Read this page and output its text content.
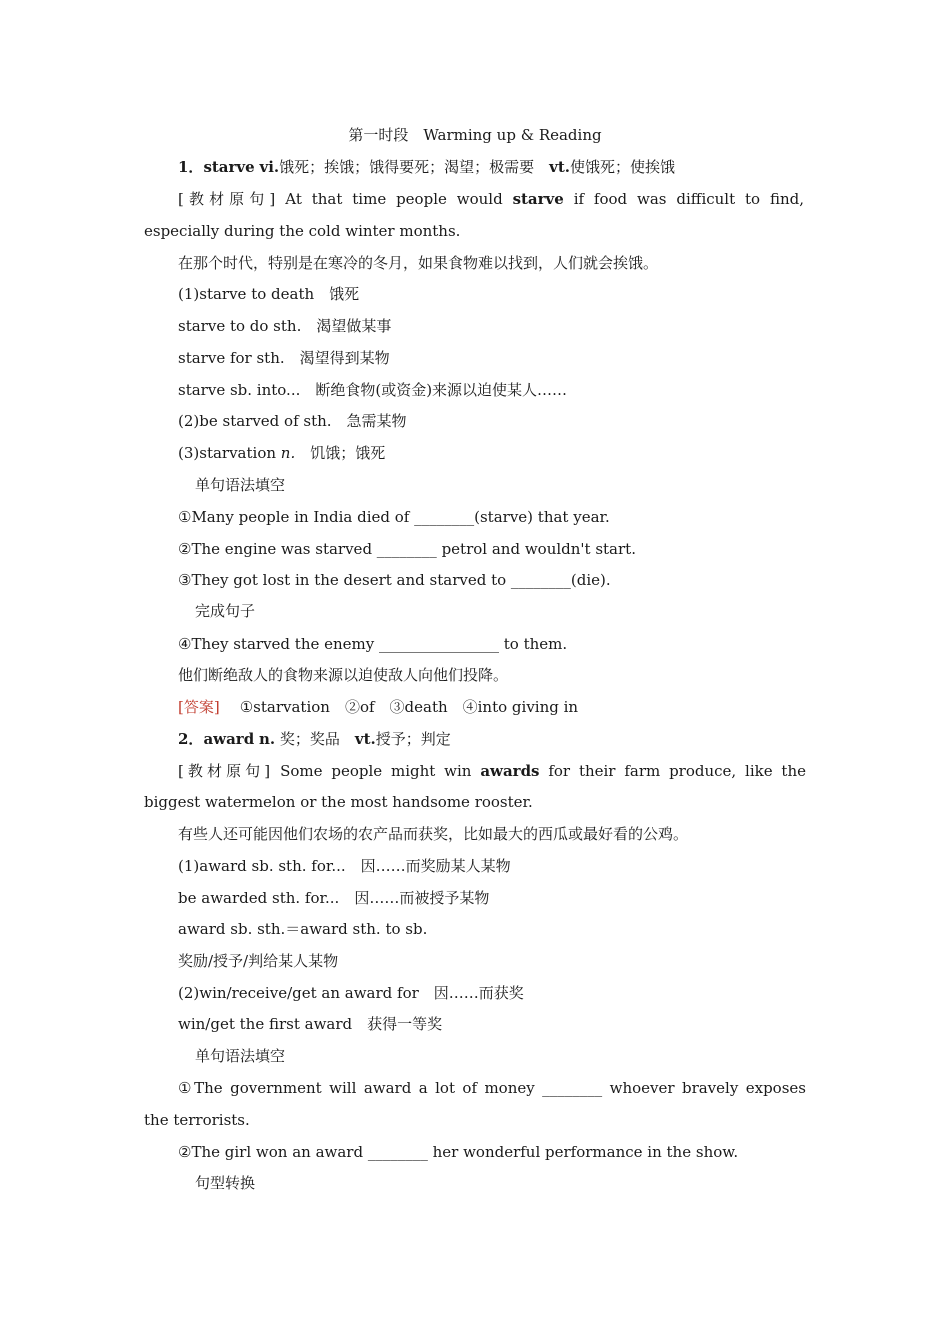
第一时段　Warming up & Reading
1．starve vi.饿死；挨饿；饿得要死；渴望；极需要　vt.使饿死；使挨饿
[教材原句] At that time people would starve if food was difficult to find,
especially during the cold winter months.
在那个时代，特别是在寒冷的冬月，如果食物难以找到，人们就会挨饿。
(1)starve to death　饿死
starve to do sth.　渴望做某事
starve for sth.　渴望得到某物
starve sb. into...　断绝食物(或资金)来源以迫使某人……
(2)be starved of sth.　急需某物
(3)starvation n.　饥饿；饿死
单句语法填空
①Many people in India died of ________(starve) that year.
②The engine was starved ________ petrol and wouldn't start.
③They got lost in the desert and starved to ________(die).
完成句子
④They starved the enemy ________________ to them.
他们断绝敌人的食物来源以迫使敌人向他们投降。
[答案] ①starvation　②of　③death　④into giving in
2．award n. 奖；奖品　vt.授予；判定
[教材原句] Some people might win awards for their farm produce, like the
biggest watermelon or the most handsome rooster.
有些人还可能因他们农场的农产品而获奖，比如最大的西瓜或最好看的公鸡。
(1)award sb. sth. for...　因……而奖励某人某物
be awarded sth. for...　因……而被授予某物
award sb. sth.＝award sth. to sb.
奖励/授予/判给某人某物
(2)win/receive/get an award for　因……而获奖
win/get the first award　获得一等奖
单句语法填空
①The government will award a lot of money ________ whoever bravely exposes
the terrorists.
②The girl won an award ________ her wonderful performance in the show.
句型转换
